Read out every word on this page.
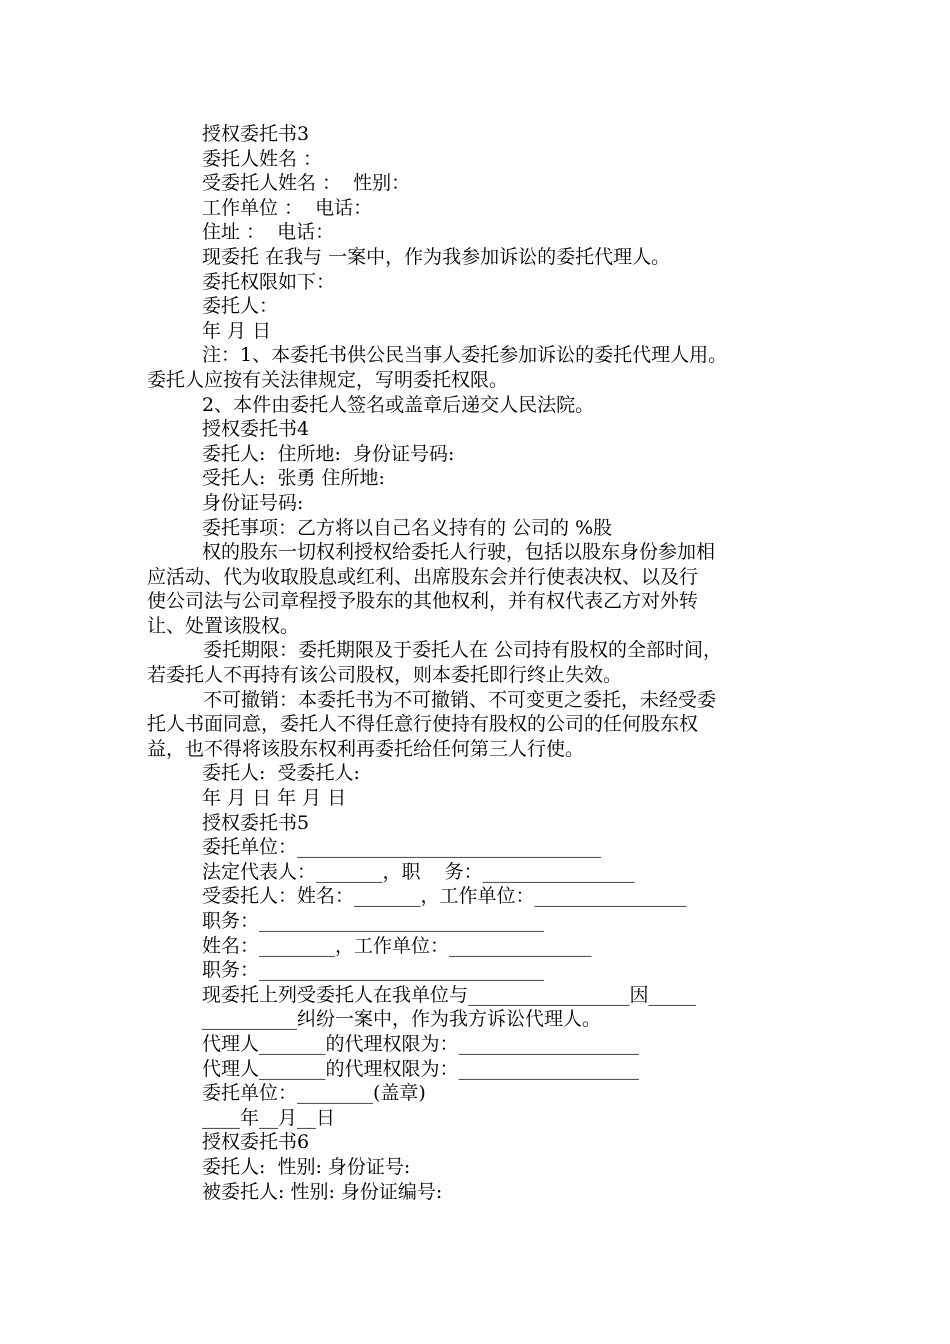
授权委托书3
委托人姓名 ：
受委托人姓名 ：  性别：
工作单位 ：  电话：
住址 ：  电话：
现委托 在我与 一案中，作为我参加诉讼的委托代理人。
委托权限如下：
委托人：
年 月 日
注：1、本委托书供公民当事人委托参加诉讼的委托代理人用。
委托人应按有关法律规定，写明委托权限。
2、本件由委托人签名或盖章后递交人民法院。
授权委托书4
委托人:  住所地:  身份证号码:
受托人:  张勇 住所地:
身份证号码:
委托事项：乙方将以自己名义持有的 公司的 %股
权的股东一切权利授权给委托人行驶，包括以股东身份参加相
应活动、代为收取股息或红利、出席股东会并行使表决权、以及行
使公司法与公司章程授予股东的其他权利，并有权代表乙方对外转
让、处置该股权。
委托期限：委托期限及于委托人在 公司持有股权的全部时间，
若委托人不再持有该公司股权，则本委托即行终止失效。
不可撤销：本委托书为不可撤销、不可变更之委托，未经受委
托人书面同意，委托人不得任意行使持有股权的公司的任何股东权
益，也不得将该股东权利再委托给任何第三人行使。
委托人:  受委托人:
年 月 日 年 月 日
授权委托书5
委托单位：________________________________
法定代表人：_______，职    务：________________
受委托人：姓名：_______，工作单位：________________
职务：______________________________
姓名：________，工作单位：_______________
职务：______________________________
现委托上列受委托人在我单位与_________________因_____
__________纠纷一案中，作为我方诉讼代理人。
代理人_______的代理权限为：___________________
代理人_______的代理权限为：___________________
委托单位：________(盖章)
____年__月__日
授权委托书6
委托人:  性别: 身份证号:
被委托人: 性别: 身份证编号:
